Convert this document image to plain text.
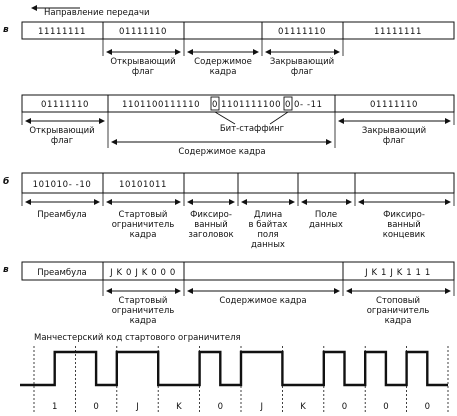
Направление передачи
в	11111111	01111110	01111110	11111111
Открывающий
флаг
Содержимое
кадра
Закрывающий
флаг
01111110	1101100111110 0 1101111100 0 0- -11	01111110
Бит-стаффинг
Открывающий
флаг
Закрывающий
флаг
Содержимое кадра
б	101010- -10	10101011
Преамбула	Стартовый
ограничитель
кадра
Фиксиро-
ванный
заголовок
Длина
в байтах
поля
данных
Поле
данных
Фиксиро-
ванный
концевик
в	Преамбула	J K 0 J K 0 0 0	J K 1 J K 1 1 1
Стартовый
ограничитель
кадра
Содержимое кадра	Стоповый
ограничитель
кадра
Манчестерский код стартового ограничителя
1	0	J	K	0	J	K	0	0	0
